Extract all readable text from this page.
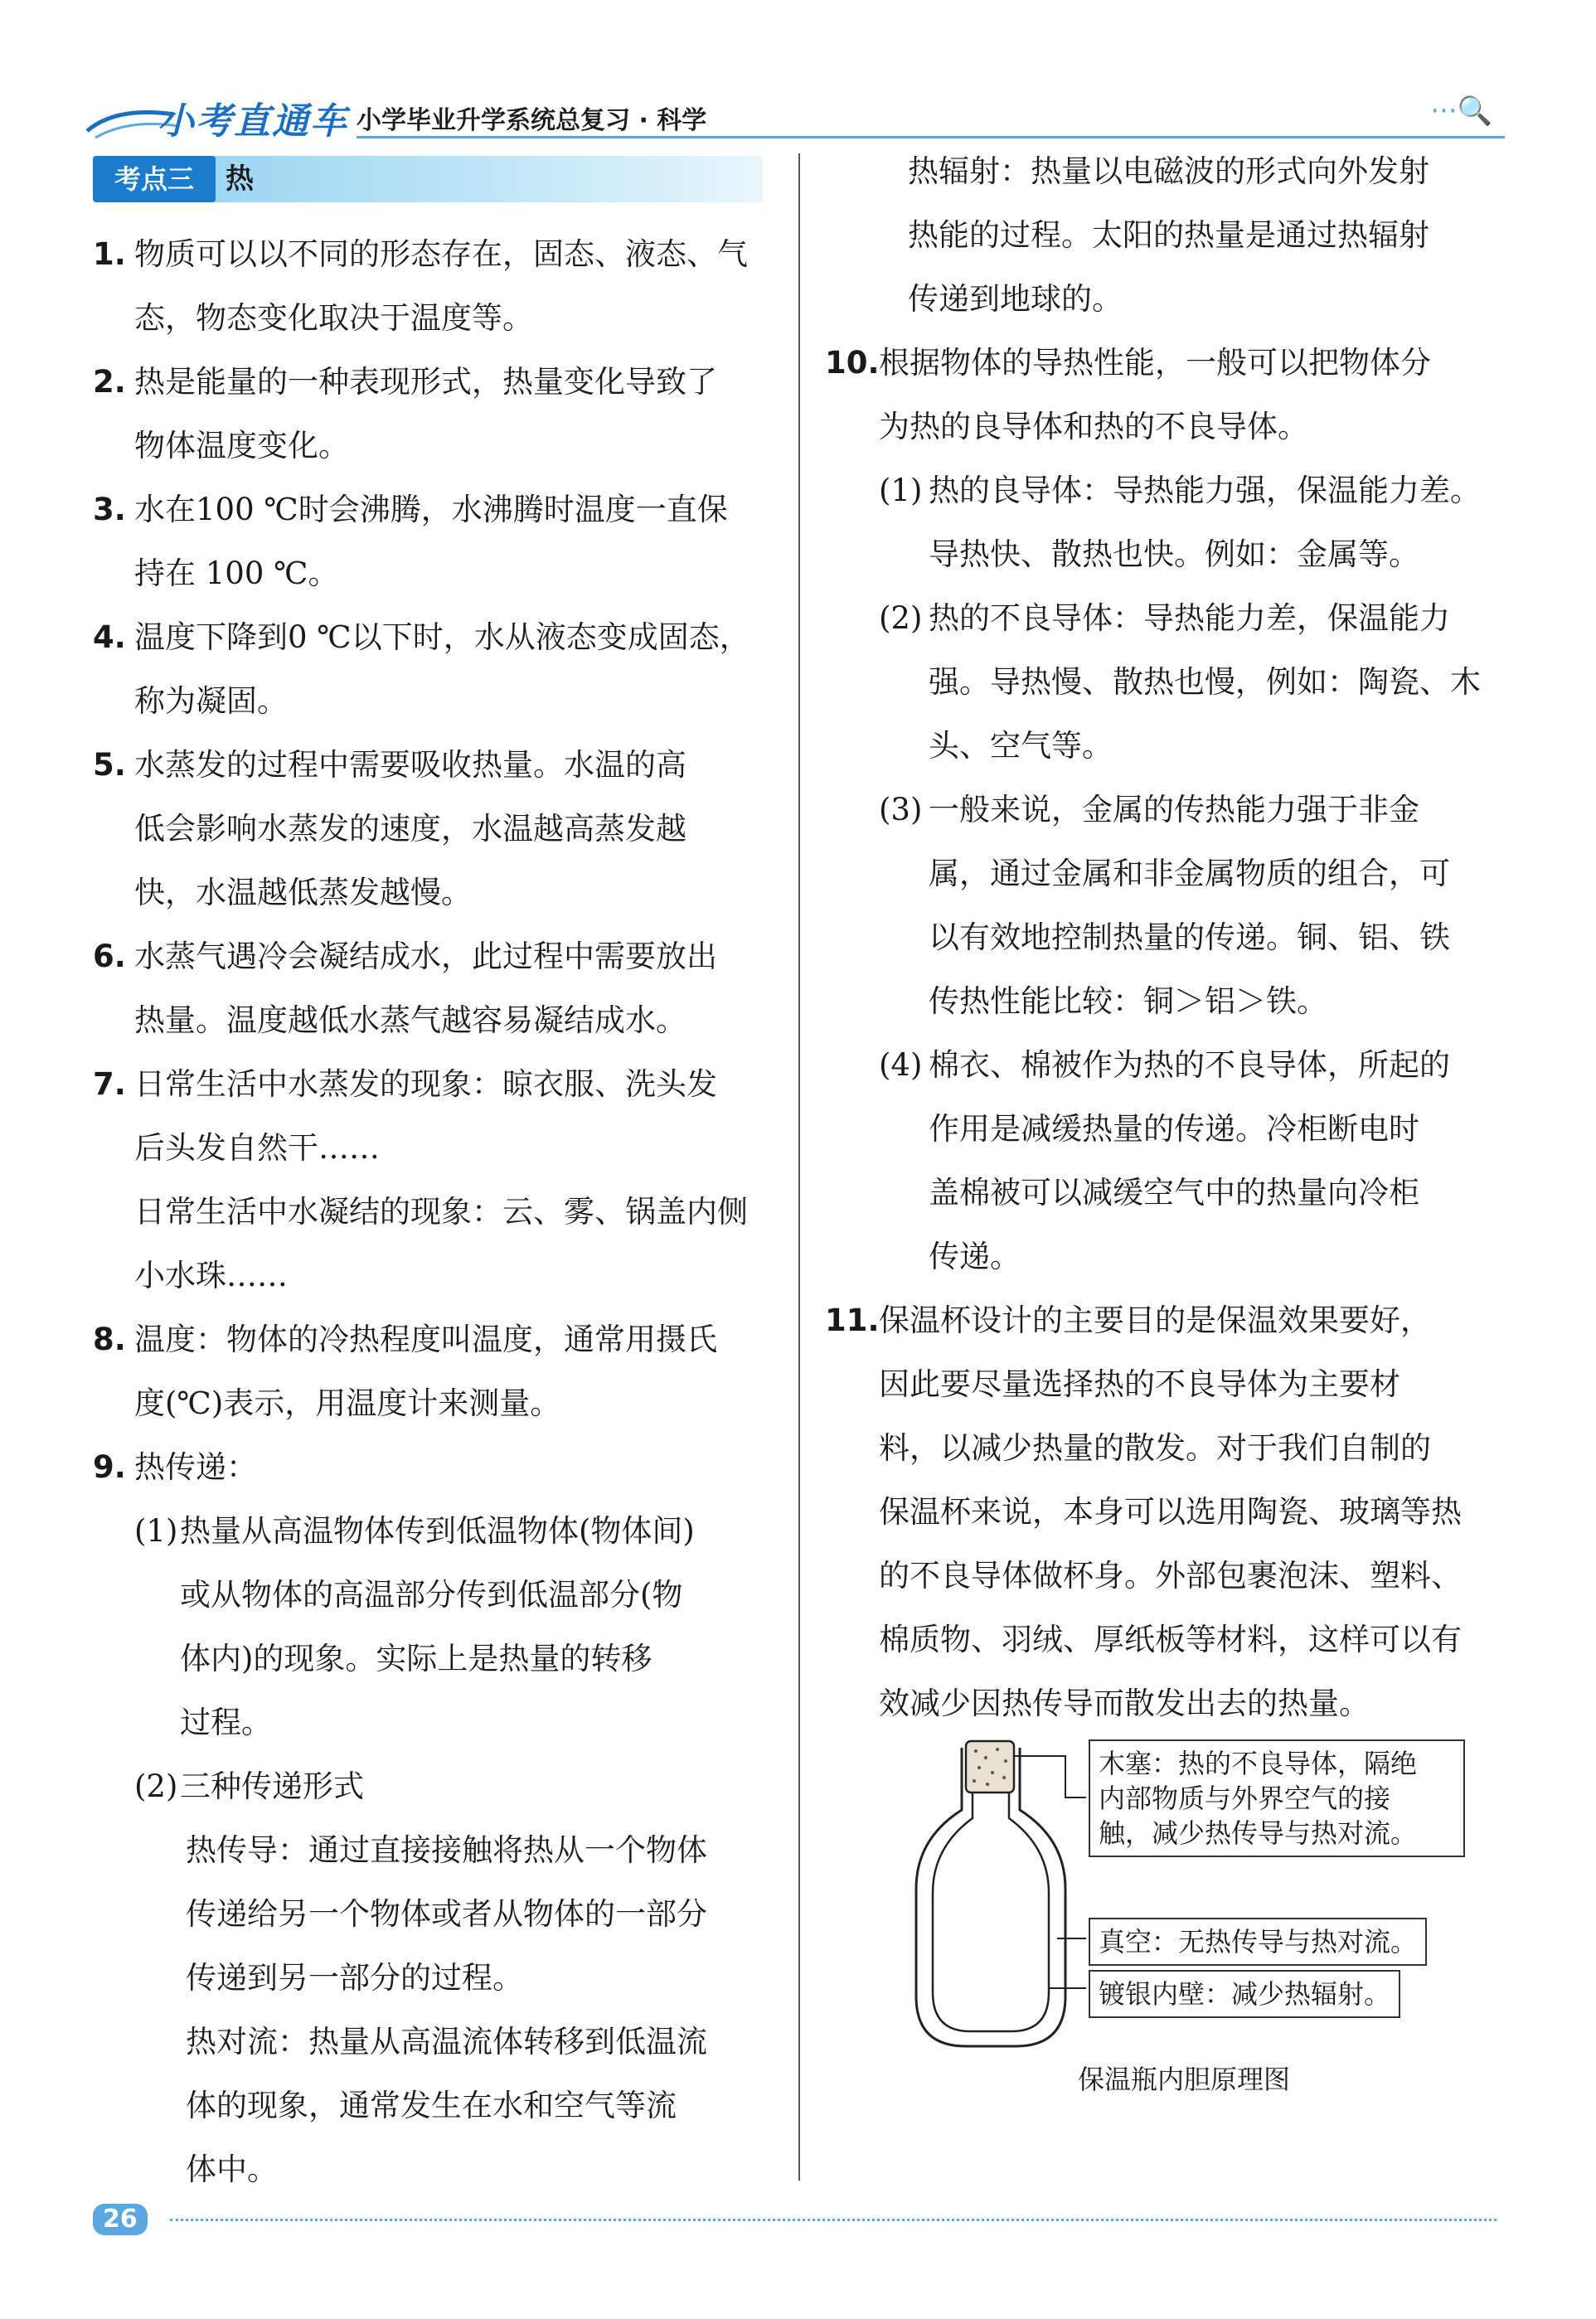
小考直通车 小学毕业升学系统总复习 · 科学	···🔍
考点三	热

1. 物质可以以不同的形态存在，固态、液态、气
态，物态变化取决于温度等。

2. 热是能量的一种表现形式，热量变化导致了
物体温度变化。

3. 水在100 ℃时会沸腾，水沸腾时温度一直保
持在 100 ℃。

4. 温度下降到0 ℃以下时，水从液态变成固态，
称为凝固。

5. 水蒸发的过程中需要吸收热量。水温的高
低会影响水蒸发的速度，水温越高蒸发越
快，水温越低蒸发越慢。

6. 水蒸气遇冷会凝结成水，此过程中需要放出
热量。温度越低水蒸气越容易凝结成水。

7. 日常生活中水蒸发的现象：晾衣服、洗头发
后头发自然干……
日常生活中水凝结的现象：云、雾、锅盖内侧
小水珠……

8. 温度：物体的冷热程度叫温度，通常用摄氏
度(℃)表示，用温度计来测量。

9. 热传递：

(1) 热量从高温物体传到低温物体(物体间)
或从物体的高温部分传到低温部分(物
体内)的现象。实际上是热量的转移
过程。

(2) 三种传递形式

热传导：通过直接接触将热从一个物体
传递给另一个物体或者从物体的一部分
传递到另一部分的过程。

热对流：热量从高温流体转移到低温流
体的现象，通常发生在水和空气等流
体中。

热辐射：热量以电磁波的形式向外发射
热能的过程。太阳的热量是通过热辐射
传递到地球的。

10. 根据物体的导热性能，一般可以把物体分
为热的良导体和热的不良导体。

(1) 热的良导体：导热能力强，保温能力差。
导热快、散热也快。例如：金属等。

(2) 热的不良导体：导热能力差，保温能力
强。导热慢、散热也慢，例如：陶瓷、木
头、空气等。

(3) 一般来说，金属的传热能力强于非金
属，通过金属和非金属物质的组合，可
以有效地控制热量的传递。铜、铝、铁
传热性能比较：铜＞铝＞铁。

(4) 棉衣、棉被作为热的不良导体，所起的
作用是减缓热量的传递。冷柜断电时
盖棉被可以减缓空气中的热量向冷柜
传递。

11. 保温杯设计的主要目的是保温效果要好，
因此要尽量选择热的不良导体为主要材
料，以减少热量的散发。对于我们自制的
保温杯来说，本身可以选用陶瓷、玻璃等热
的不良导体做杯身。外部包裹泡沫、塑料、
棉质物、羽绒、厚纸板等材料，这样可以有
效减少因热传导而散发出去的热量。

木塞：热的不良导体，隔绝
内部物质与外界空气的接
触，减少热传导与热对流。
真空：无热传导与热对流。
镀银内壁：减少热辐射。
保温瓶内胆原理图
26
